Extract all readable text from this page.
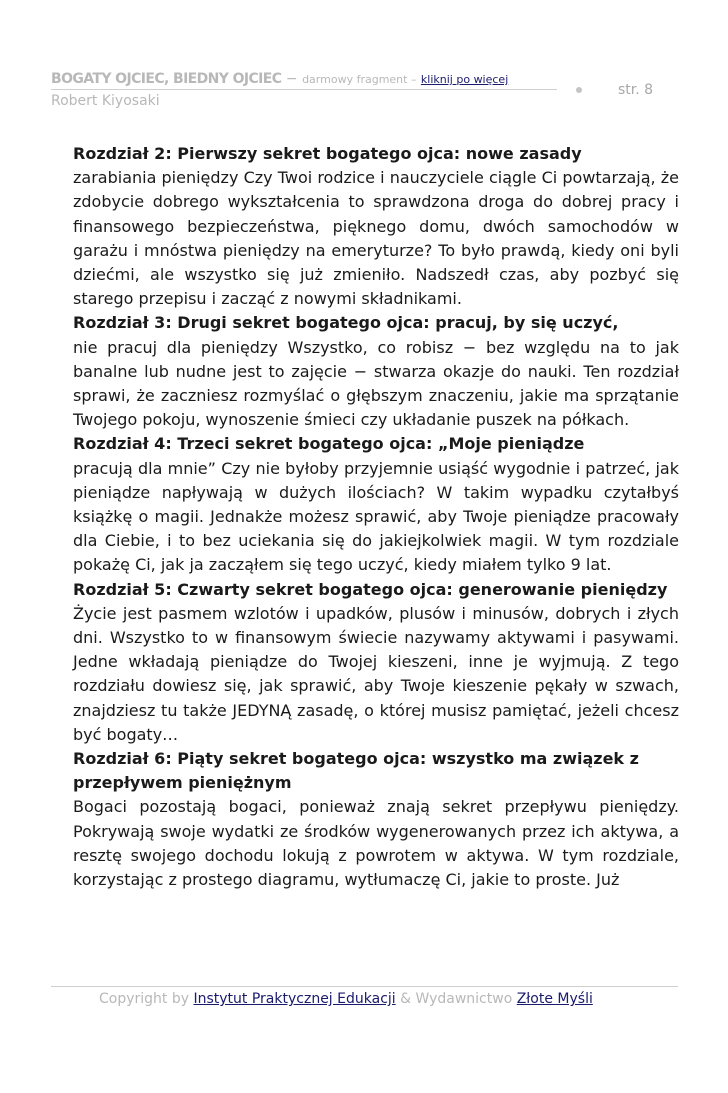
BOGATY OJCIEC, BIEDNY OJCIEC − darmowy fragment – kliknij po więcej
Robert Kiyosaki
str. 8

Rozdział 2: Pierwszy sekret bogatego ojca: nowe zasady

zarabiania pieniędzy Czy Twoi rodzice i nauczyciele ciągle Ci powtarzają, że zdobycie dobrego wykształcenia to sprawdzona droga do dobrej pracy i finansowego bezpieczeństwa, pięknego domu, dwóch samochodów w garażu i mnóstwa pieniędzy na emeryturze? To było prawdą, kiedy oni byli dziećmi, ale wszystko się już zmieniło. Nadszedł czas, aby pozbyć się starego przepisu i zacząć z nowymi składnikami.

Rozdział 3: Drugi sekret bogatego ojca: pracuj, by się uczyć,

nie pracuj dla pieniędzy Wszystko, co robisz − bez względu na to jak banalne lub nudne jest to zajęcie − stwarza okazje do nauki. Ten rozdział sprawi, że zaczniesz rozmyślać o głębszym znaczeniu, jakie ma sprzątanie Twojego pokoju, wynoszenie śmieci czy układanie puszek na półkach.

Rozdział 4: Trzeci sekret bogatego ojca: „Moje pieniądze

pracują dla mnie” Czy nie byłoby przyjemnie usiąść wygodnie i patrzeć, jak pieniądze napływają w dużych ilościach? W takim wypadku czytałbyś książkę o magii. Jednakże możesz sprawić, aby Twoje pieniądze pracowały dla Ciebie, i to bez uciekania się do jakiejkolwiek magii. W tym rozdziale pokażę Ci, jak ja zacząłem się tego uczyć, kiedy miałem tylko 9 lat.

Rozdział 5: Czwarty sekret bogatego ojca: generowanie pieniędzy

Życie jest pasmem wzlotów i upadków, plusów i minusów, dobrych i złych dni. Wszystko to w finansowym świecie nazywamy aktywami i pasywami. Jedne wkładają pieniądze do Twojej kieszeni, inne je wyjmują. Z tego rozdziału dowiesz się, jak sprawić, aby Twoje kieszenie pękały w szwach, znajdziesz tu także JEDYNĄ zasadę, o której musisz pamiętać, jeżeli chcesz być bogaty…

Rozdział 6: Piąty sekret bogatego ojca: wszystko ma związek z przepływem pieniężnym

Bogaci pozostają bogaci, ponieważ znają sekret przepływu pieniędzy. Pokrywają swoje wydatki ze środków wygenerowanych przez ich aktywa, a resztę swojego dochodu lokują z powrotem w aktywa. W tym rozdziale, korzystając z prostego diagramu, wytłumaczę Ci, jakie to proste. Już

Copyright by Instytut Praktycznej Edukacji & Wydawnictwo Złote Myśli
